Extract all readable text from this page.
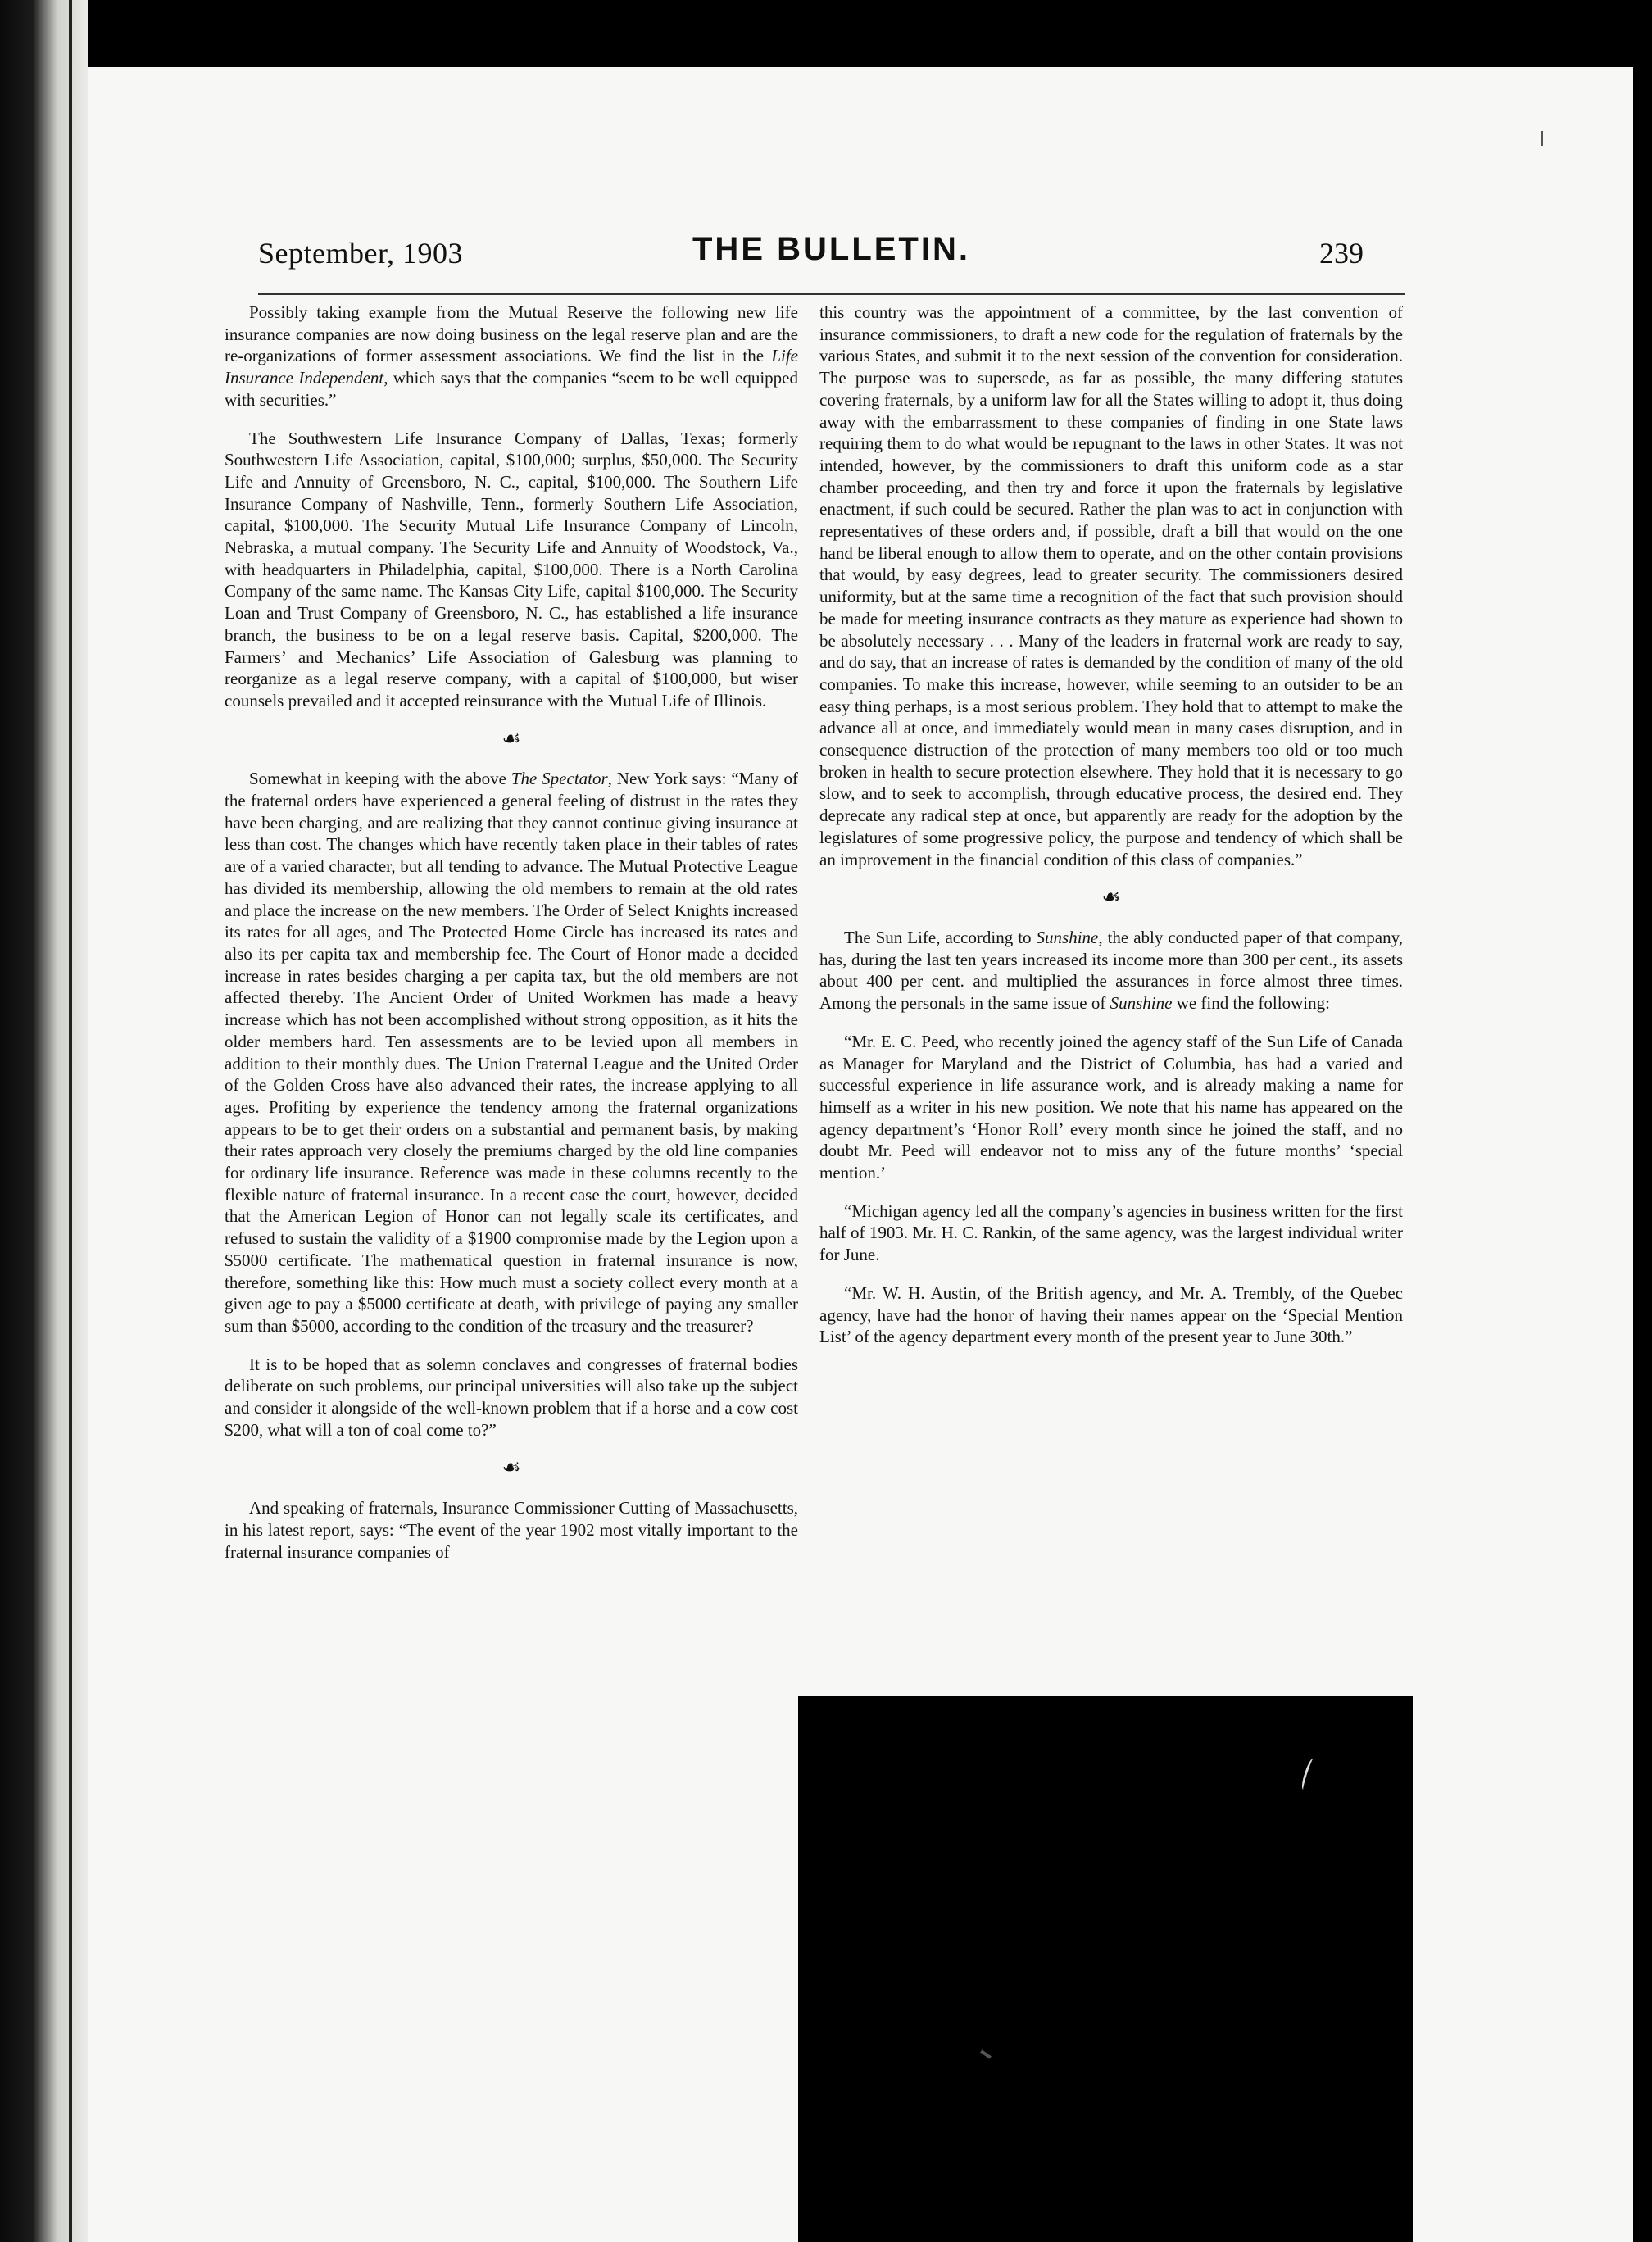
September, 1903	THE BULLETIN.	239

Possibly taking example from the Mutual Reserve the following new life insurance companies are now doing business on the legal reserve plan and are the re-organizations of former assessment associations. We find the list in the Life Insurance Independent, which says that the companies “seem to be well equipped with securities.”

The Southwestern Life Insurance Company of Dallas, Texas; formerly Southwestern Life Association, capital, $100,000; surplus, $50,000. The Security Life and Annuity of Greensboro, N. C., capital, $100,000. The Southern Life Insurance Company of Nashville, Tenn., formerly Southern Life Association, capital, $100,000. The Security Mutual Life Insurance Company of Lincoln, Nebraska, a mutual company. The Security Life and Annuity of Woodstock, Va., with headquarters in Philadelphia, capital, $100,000. There is a North Carolina Company of the same name. The Kansas City Life, capital $100,000. The Security Loan and Trust Company of Greensboro, N. C., has established a life insurance branch, the business to be on a legal reserve basis. Capital, $200,000. The Farmers’ and Mechanics’ Life Association of Galesburg was planning to reorganize as a legal reserve company, with a capital of $100,000, but wiser counsels prevailed and it accepted reinsurance with the Mutual Life of Illinois.

☙

Somewhat in keeping with the above The Spectator, New York says: “Many of the fraternal orders have experienced a general feeling of distrust in the rates they have been charging, and are realizing that they cannot continue giving insurance at less than cost. The changes which have recently taken place in their tables of rates are of a varied character, but all tending to advance. The Mutual Protective League has divided its membership, allowing the old members to remain at the old rates and place the increase on the new members. The Order of Select Knights increased its rates for all ages, and The Protected Home Circle has increased its rates and also its per capita tax and membership fee. The Court of Honor made a decided increase in rates besides charging a per capita tax, but the old members are not affected thereby. The Ancient Order of United Workmen has made a heavy increase which has not been accomplished without strong opposition, as it hits the older members hard. Ten assessments are to be levied upon all members in addition to their monthly dues. The Union Fraternal League and the United Order of the Golden Cross have also advanced their rates, the increase applying to all ages. Profiting by experience the tendency among the fraternal organizations appears to be to get their orders on a substantial and permanent basis, by making their rates approach very closely the premiums charged by the old line companies for ordinary life insurance. Reference was made in these columns recently to the flexible nature of fraternal insurance. In a recent case the court, however, decided that the American Legion of Honor can not legally scale its certificates, and refused to sustain the validity of a $1900 compromise made by the Legion upon a $5000 certificate. The mathematical question in fraternal insurance is now, therefore, something like this: How much must a society collect every month at a given age to pay a $5000 certificate at death, with privilege of paying any smaller sum than $5000, according to the condition of the treasury and the treasurer?

It is to be hoped that as solemn conclaves and congresses of fraternal bodies deliberate on such problems, our principal universities will also take up the subject and consider it alongside of the well-known problem that if a horse and a cow cost $200, what will a ton of coal come to?”

☙

And speaking of fraternals, Insurance Commissioner Cutting of Massachusetts, in his latest report, says: “The event of the year 1902 most vitally important to the fraternal insurance companies of

this country was the appointment of a committee, by the last convention of insurance commissioners, to draft a new code for the regulation of fraternals by the various States, and submit it to the next session of the convention for consideration. The purpose was to supersede, as far as possible, the many differing statutes covering fraternals, by a uniform law for all the States willing to adopt it, thus doing away with the embarrassment to these companies of finding in one State laws requiring them to do what would be repugnant to the laws in other States. It was not intended, however, by the commissioners to draft this uniform code as a star chamber proceeding, and then try and force it upon the fraternals by legislative enactment, if such could be secured. Rather the plan was to act in conjunction with representatives of these orders and, if possible, draft a bill that would on the one hand be liberal enough to allow them to operate, and on the other contain provisions that would, by easy degrees, lead to greater security. The commissioners desired uniformity, but at the same time a recognition of the fact that such provision should be made for meeting insurance contracts as they mature as experience had shown to be absolutely necessary . . . Many of the leaders in fraternal work are ready to say, and do say, that an increase of rates is demanded by the condition of many of the old companies. To make this increase, however, while seeming to an outsider to be an easy thing perhaps, is a most serious problem. They hold that to attempt to make the advance all at once, and immediately would mean in many cases disruption, and in consequence distruction of the protection of many members too old or too much broken in health to secure protection elsewhere. They hold that it is necessary to go slow, and to seek to accomplish, through educative process, the desired end. They deprecate any radical step at once, but apparently are ready for the adoption by the legislatures of some progressive policy, the purpose and tendency of which shall be an improvement in the financial condition of this class of companies.”

☙

The Sun Life, according to Sunshine, the ably conducted paper of that company, has, during the last ten years increased its income more than 300 per cent., its assets about 400 per cent. and multiplied the assurances in force almost three times. Among the personals in the same issue of Sunshine we find the following:

“Mr. E. C. Peed, who recently joined the agency staff of the Sun Life of Canada as Manager for Maryland and the District of Columbia, has had a varied and successful experience in life assurance work, and is already making a name for himself as a writer in his new position. We note that his name has appeared on the agency department’s ‘Honor Roll’ every month since he joined the staff, and no doubt Mr. Peed will endeavor not to miss any of the future months’ ‘special mention.’

“Michigan agency led all the company’s agencies in business written for the first half of 1903. Mr. H. C. Rankin, of the same agency, was the largest individual writer for June.

“Mr. W. H. Austin, of the British agency, and Mr. A. Trembly, of the Quebec agency, have had the honor of having their names appear on the ‘Special Mention List’ of the agency department every month of the present year to June 30th.”
